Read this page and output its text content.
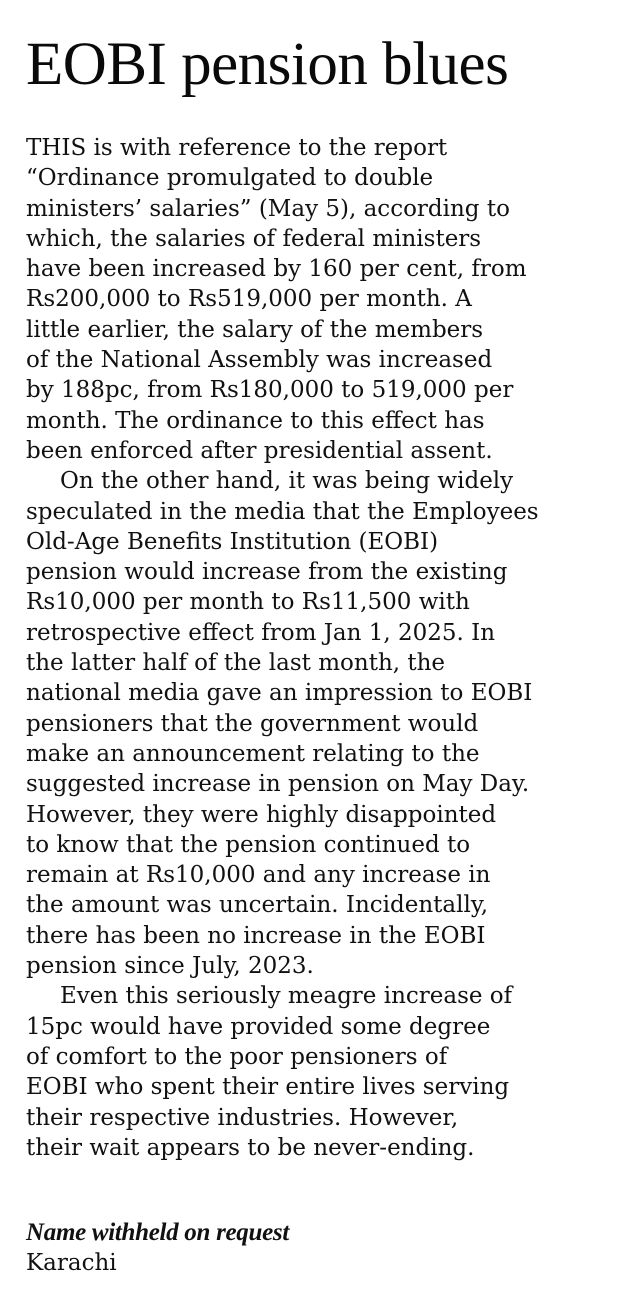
EOBI pension blues
THIS is with reference to the report
“Ordinance promulgated to double
ministers’ salaries” (May 5), according to
which, the salaries of federal ministers
have been increased by 160 per cent, from
Rs200,000 to Rs519,000 per month. A
little earlier, the salary of the members
of the National Assembly was increased
by 188pc, from Rs180,000 to 519,000 per
month. The ordinance to this effect has
been enforced after presidential assent.
On the other hand, it was being widely
speculated in the media that the Employees
Old-Age Benefits Institution (EOBI)
pension would increase from the existing
Rs10,000 per month to Rs11,500 with
retrospective effect from Jan 1, 2025. In
the latter half of the last month, the
national media gave an impression to EOBI
pensioners that the government would
make an announcement relating to the
suggested increase in pension on May Day.
However, they were highly disappointed
to know that the pension continued to
remain at Rs10,000 and any increase in
the amount was uncertain. Incidentally,
there has been no increase in the EOBI
pension since July, 2023.
Even this seriously meagre increase of
15pc would have provided some degree
of comfort to the poor pensioners of
EOBI who spent their entire lives serving
their respective industries. However,
their wait appears to be never-ending.
Name withheld on request
Karachi
